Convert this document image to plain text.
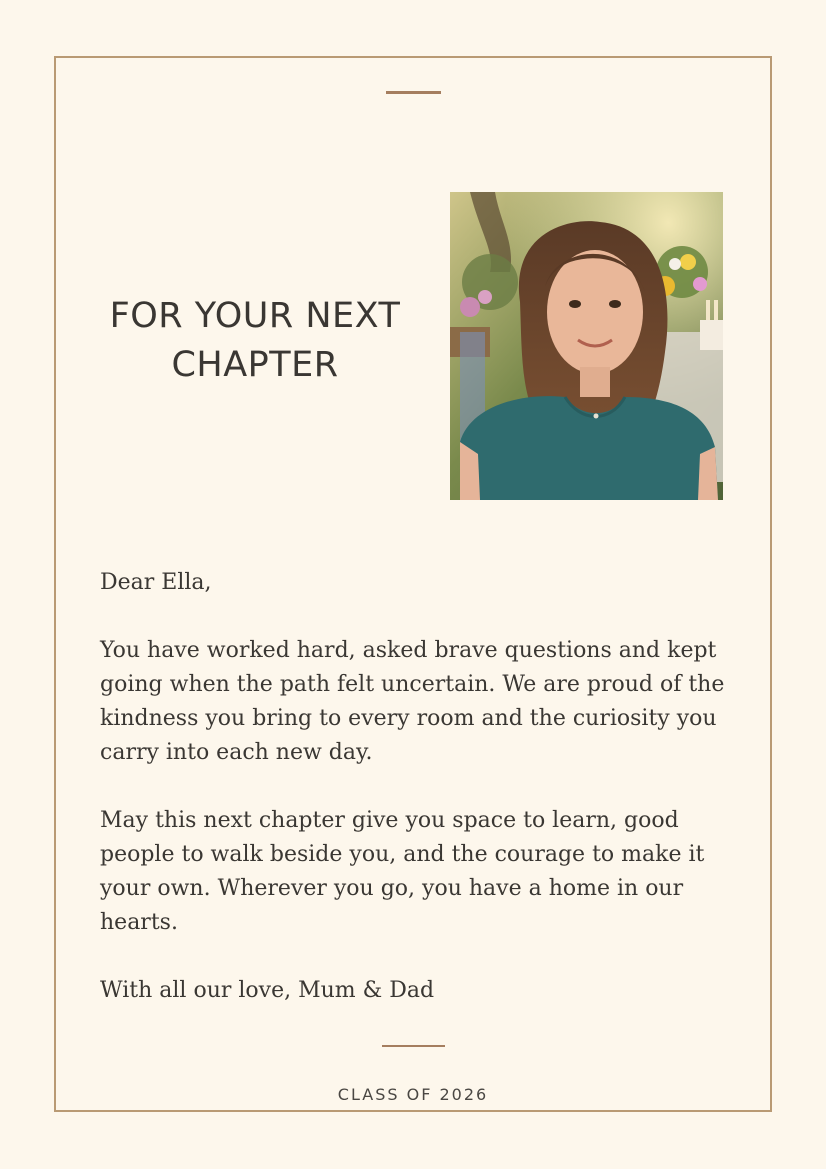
FOR YOUR NEXT CHAPTER

Dear Ella,

You have worked hard, asked brave questions and kept going when the path felt uncertain. We are proud of the kindness you bring to every room and the curiosity you carry into each new day.

May this next chapter give you space to learn, good people to walk beside you, and the courage to make it your own. Wherever you go, you have a home in our hearts.

With all our love, Mum & Dad

CLASS OF 2026
